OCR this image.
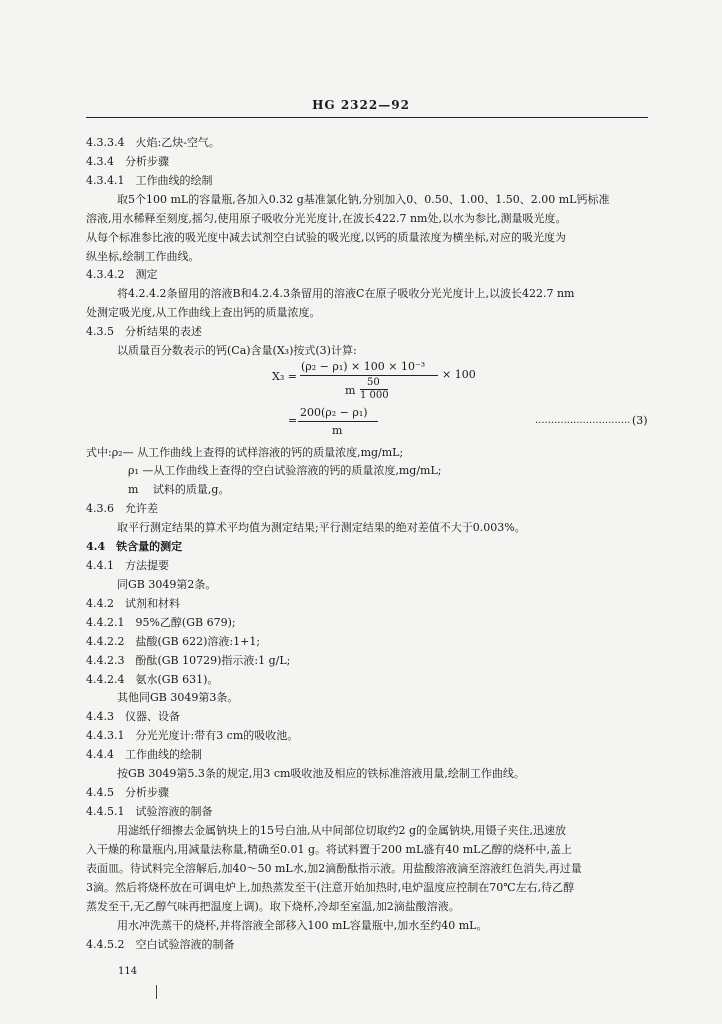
HG 2322—92
4.3.3.4　火焰:乙炔-空气。
4.3.4　分析步骤
4.3.4.1　工作曲线的绘制
取5个100 mL的容量瓶,各加入0.32 g基准氯化钠,分别加入0、0.50、1.00、1.50、2.00 mL钙标准
溶液,用水稀释至刻度,摇匀,使用原子吸收分光光度计,在波长422.7 nm处,以水为参比,测量吸光度。
从每个标准参比液的吸光度中减去试剂空白试验的吸光度,以钙的质量浓度为横坐标,对应的吸光度为
纵坐标,绘制工作曲线。
4.3.4.2　测定
将4.2.4.2条留用的溶液B和4.2.4.3条留用的溶液C在原子吸收分光光度计上,以波长422.7 nm
处测定吸光度,从工作曲线上查出钙的质量浓度。
4.3.5　分析结果的表述
以质量百分数表示的钙(Ca)含量(X₃)按式(3)计算:
X₃ =
(ρ₂ − ρ₁) × 100 × 10⁻³
× 100
m
50
1 000
=
200(ρ₂ − ρ₁)
m
.............................. (3)
式中:ρ₂— 从工作曲线上查得的试样溶液的钙的质量浓度,mg/mL;
ρ₁ —从工作曲线上查得的空白试验溶液的钙的质量浓度,mg/mL;
m　 试料的质量,g。
4.3.6　允许差
取平行测定结果的算术平均值为测定结果;平行测定结果的绝对差值不大于0.003%。
4.4　铁含量的测定
4.4.1　方法提要
同GB 3049第2条。
4.4.2　试剂和材料
4.4.2.1　95%乙醇(GB 679);
4.4.2.2　盐酸(GB 622)溶液:1+1;
4.4.2.3　酚酞(GB 10729)指示液:1 g/L;
4.4.2.4　氨水(GB 631)。
其他同GB 3049第3条。
4.4.3　仪器、设备
4.4.3.1　分光光度计:带有3 cm的吸收池。
4.4.4　工作曲线的绘制
按GB 3049第5.3条的规定,用3 cm吸收池及相应的铁标准溶液用量,绘制工作曲线。
4.4.5　分析步骤
4.4.5.1　试验溶液的制备
用滤纸仔细擦去金属钠块上的15号白油,从中间部位切取约2 g的金属钠块,用镊子夹住,迅速放
入干燥的称量瓶内,用减量法称量,精确至0.01 g。将试料置于200 mL盛有40 mL乙醇的烧杯中,盖上
表面皿。待试料完全溶解后,加40～50 mL水,加2滴酚酞指示液。用盐酸溶液滴至溶液红色消失,再过量
3滴。然后将烧杯放在可调电炉上,加热蒸发至干(注意开始加热时,电炉温度应控制在70℃左右,待乙醇
蒸发至干,无乙醇气味再把温度上调)。取下烧杯,冷却至室温,加2滴盐酸溶液。
用水冲洗蒸干的烧杯,并将溶液全部移入100 mL容量瓶中,加水至约40 mL。
4.4.5.2　空白试验溶液的制备
114
